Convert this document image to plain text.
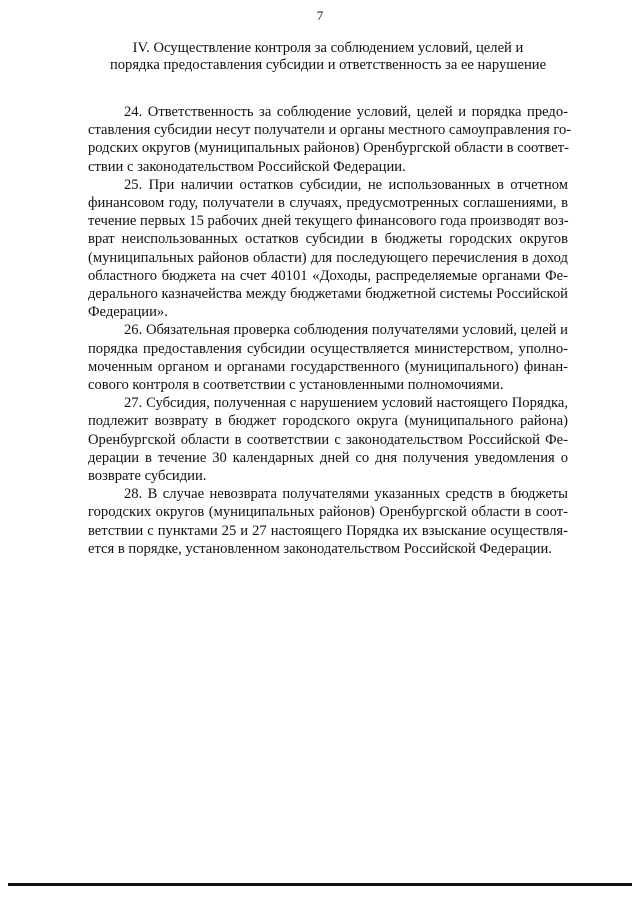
7
IV. Осуществление контроля за соблюдением условий, целей и
порядка предоставления субсидии и ответственность за ее нарушение
24. Ответственность за соблюдение условий, целей и порядка предо-
ставления субсидии несут получатели и органы местного самоуправления го-
родских округов (муниципальных районов) Оренбургской области в соответ-
ствии с законодательством Российской Федерации.
25. При наличии остатков субсидии, не использованных в отчетном
финансовом году, получатели в случаях, предусмотренных соглашениями, в
течение первых 15 рабочих дней текущего финансового года производят воз-
врат неиспользованных остатков субсидии в бюджеты городских округов
(муниципальных районов области) для последующего перечисления в доход
областного бюджета на счет 40101 «Доходы, распределяемые органами Фе-
дерального казначейства между бюджетами бюджетной системы Российской
Федерации».
26. Обязательная проверка соблюдения получателями условий, целей и
порядка предоставления субсидии осуществляется министерством, уполно-
моченным органом и органами государственного (муниципального) финан-
сового контроля в соответствии с установленными полномочиями.
27. Субсидия, полученная с нарушением условий настоящего Порядка,
подлежит возврату в бюджет городского округа (муниципального района)
Оренбургской области в соответствии с законодательством Российской Фе-
дерации в течение 30 календарных дней со дня получения уведомления о
возврате субсидии.
28. В случае невозврата получателями указанных средств в бюджеты
городских округов (муниципальных районов) Оренбургской области в соот-
ветствии с пунктами 25 и 27 настоящего Порядка их взыскание осуществля-
ется в порядке, установленном законодательством Российской Федерации.
